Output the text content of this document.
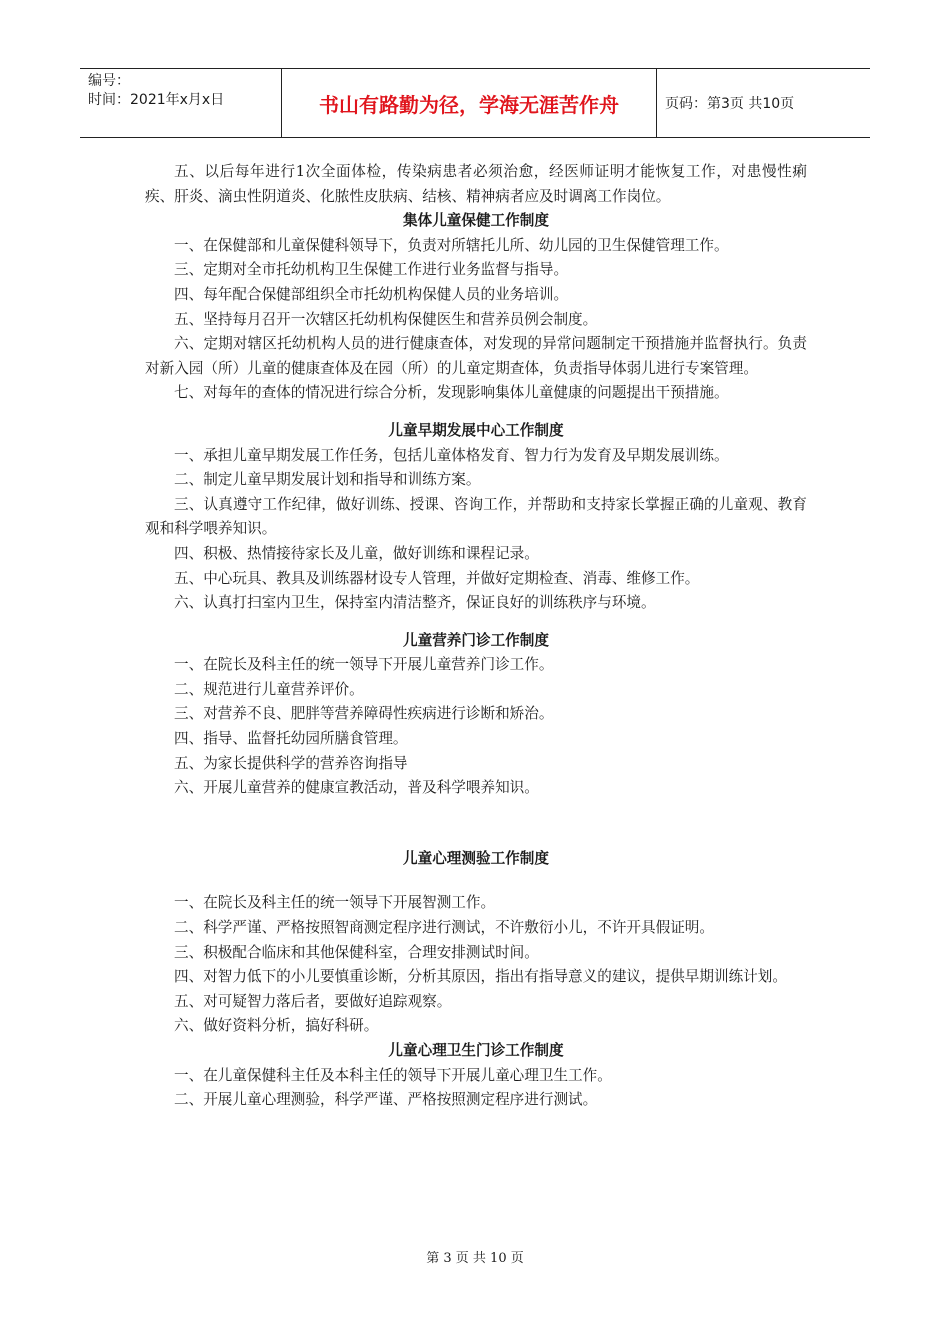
编号：
时间：2021年x月x日	书山有路勤为径，学海无涯苦作舟	页码：第3页 共10页

五、以后每年进行1次全面体检，传染病患者必须治愈，经医师证明才能恢复工作，对患慢性痢疾、肝炎、滴虫性阴道炎、化脓性皮肤病、结核、精神病者应及时调离工作岗位。

集体儿童保健工作制度

一、在保健部和儿童保健科领导下，负责对所辖托儿所、幼儿园的卫生保健管理工作。

三、定期对全市托幼机构卫生保健工作进行业务监督与指导。

四、每年配合保健部组织全市托幼机构保健人员的业务培训。

五、坚持每月召开一次辖区托幼机构保健医生和营养员例会制度。

六、定期对辖区托幼机构人员的进行健康查体，对发现的异常问题制定干预措施并监督执行。负责对新入园（所）儿童的健康查体及在园（所）的儿童定期查体，负责指导体弱儿进行专案管理。

七、对每年的查体的情况进行综合分析，发现影响集体儿童健康的问题提出干预措施。

儿童早期发展中心工作制度

一、承担儿童早期发展工作任务，包括儿童体格发育、智力行为发育及早期发展训练。

二、制定儿童早期发展计划和指导和训练方案。

三、认真遵守工作纪律，做好训练、授课、咨询工作，并帮助和支持家长掌握正确的儿童观、教育观和科学喂养知识。

四、积极、热情接待家长及儿童，做好训练和课程记录。

五、中心玩具、教具及训练器材设专人管理，并做好定期检查、消毒、维修工作。

六、认真打扫室内卫生，保持室内清洁整齐，保证良好的训练秩序与环境。

儿童营养门诊工作制度

一、在院长及科主任的统一领导下开展儿童营养门诊工作。

二、规范进行儿童营养评价。

三、对营养不良、肥胖等营养障碍性疾病进行诊断和矫治。

四、指导、监督托幼园所膳食管理。

五、为家长提供科学的营养咨询指导

六、开展儿童营养的健康宣教活动，普及科学喂养知识。

儿童心理测验工作制度

一、在院长及科主任的统一领导下开展智测工作。

二、科学严谨、严格按照智商测定程序进行测试，不许敷衍小儿，不许开具假证明。

三、积极配合临床和其他保健科室，合理安排测试时间。

四、对智力低下的小儿要慎重诊断，分析其原因，指出有指导意义的建议，提供早期训练计划。

五、对可疑智力落后者，要做好追踪观察。

六、做好资料分析，搞好科研。

儿童心理卫生门诊工作制度

一、在儿童保健科主任及本科主任的领导下开展儿童心理卫生工作。

二、开展儿童心理测验，科学严谨、严格按照测定程序进行测试。

第 3 页 共 10 页
